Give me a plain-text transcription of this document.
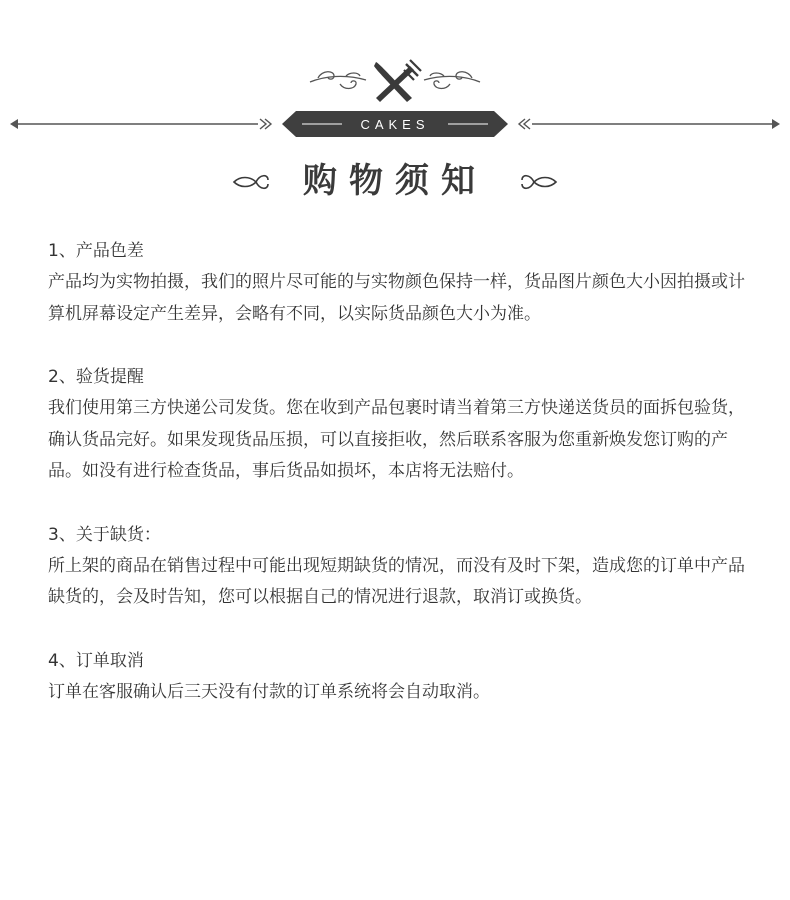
CAKES
购物须知

1、产品色差

产品均为实物拍摄，我们的照片尽可能的与实物颜色保持一样，货品图片颜色大小因拍摄或计算机屏幕设定产生差异，会略有不同，以实际货品颜色大小为准。

2、验货提醒

我们使用第三方快递公司发货。您在收到产品包裹时请当着第三方快递送货员的面拆包验货，确认货品完好。如果发现货品压损，可以直接拒收，然后联系客服为您重新焕发您订购的产品。如没有进行检查货品，事后货品如损坏，本店将无法赔付。

3、关于缺货：

所上架的商品在销售过程中可能出现短期缺货的情况，而没有及时下架，造成您的订单中产品缺货的，会及时告知，您可以根据自己的情况进行退款，取消订或换货。

4、订单取消

订单在客服确认后三天没有付款的订单系统将会自动取消。
